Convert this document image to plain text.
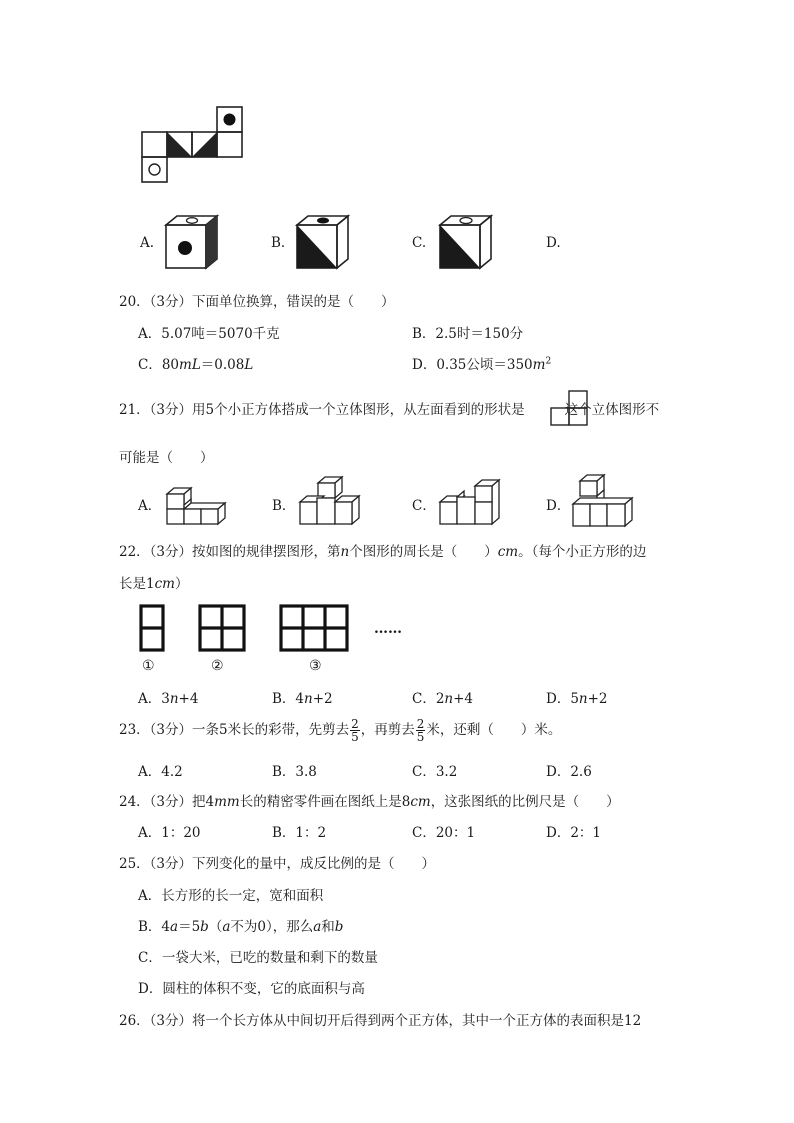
A.	B.	C.	D.
20．（3分）下面单位换算，错误的是（　　）
A．5.07吨＝5070千克	B．2.5时＝150分
C．80mL＝0.08L	D．0.35公顷$=350m^2$
21．（3分）用5个小正方体搭成一个立体图形，从左面看到的形状是	这个立体图形不
可能是（　　）
A．	B．	C．	D．
22．（3分）按如图的规律摆图形，第n个图形的周长是（　　）cm。（每个小正方形的边
长是1cm）
……
①	②	③
A．3n+4	B．4n+2	C．2n+4	D．5n+2
23．（3分）一条5米长的彩带，先剪去 $\frac{2}{5}$ ，再剪去 $\frac{2}{5}$ 米，还剩（　　）米。
A．4.2	B．3.8	C．3.2	D．2.6
24．（3分）把4mm长的精密零件画在图纸上是8cm，这张图纸的比例尺是（　　）
A．1：20	B．1：2	C．20：1	D．2：1
25．（3分）下列变化的量中，成反比例的是（　　）
A．长方形的长一定，宽和面积
B．4a＝5b（a不为0），那么a和b
C．一袋大米，已吃的数量和剩下的数量
D．圆柱的体积不变，它的底面积与高
26．（3分）将一个长方体从中间切开后得到两个正方体，其中一个正方体的表面积是12
